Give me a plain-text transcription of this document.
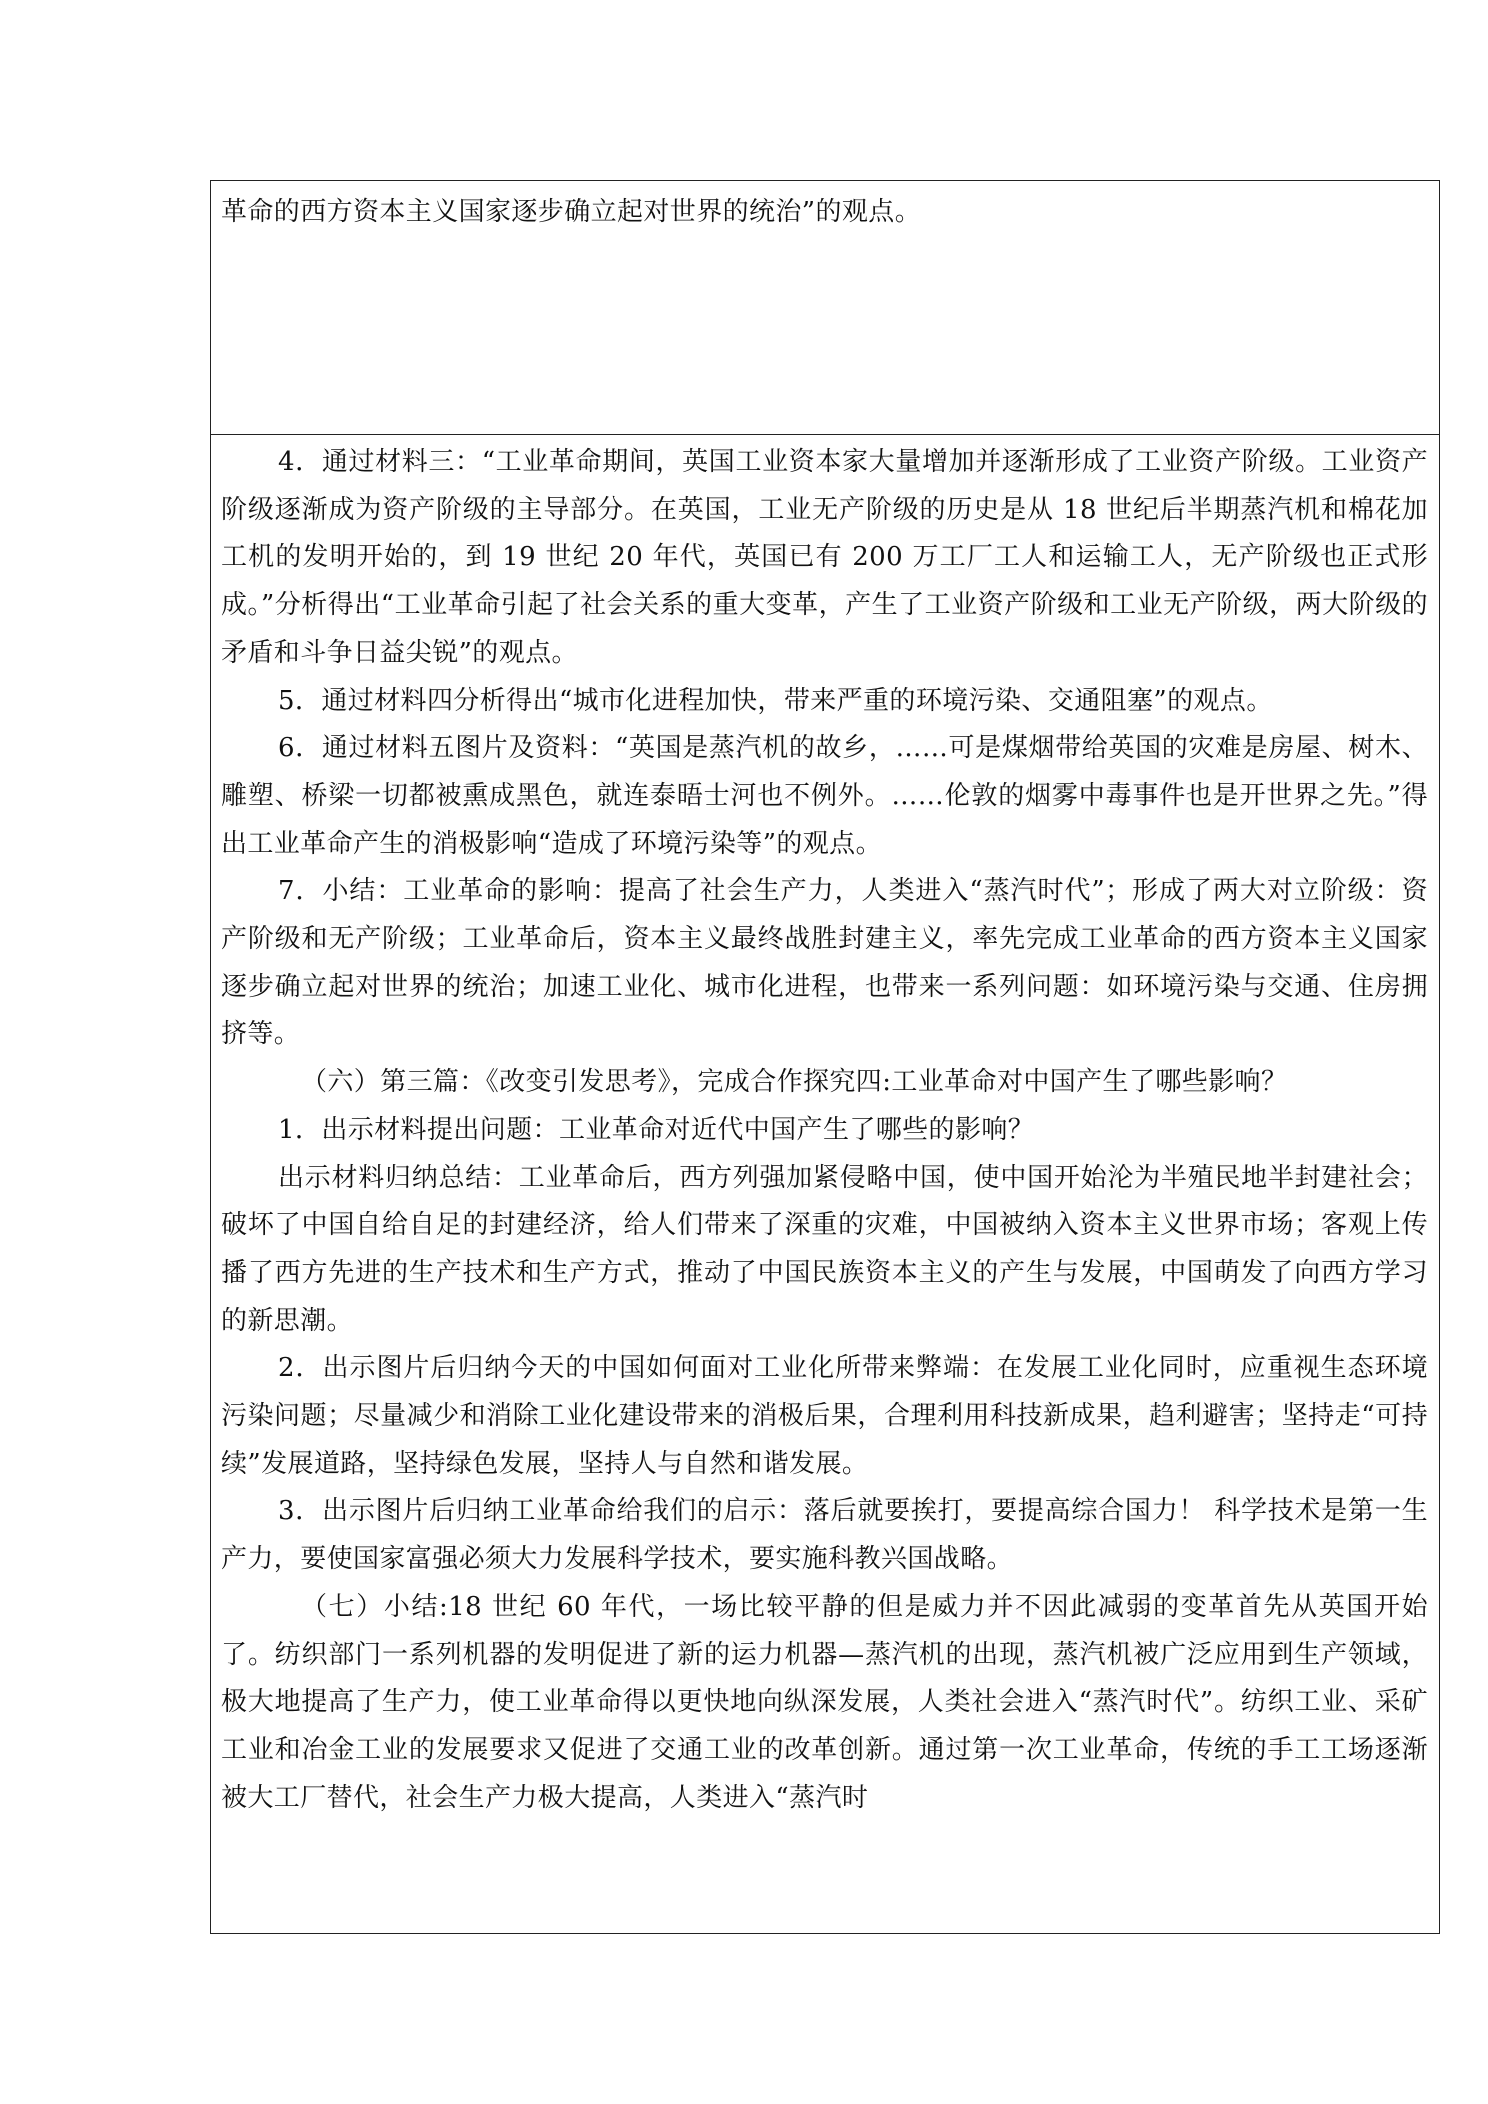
革命的西方资本主义国家逐步确立起对世界的统治”的观点。

4．通过材料三：“工业革命期间，英国工业资本家大量增加并逐渐形成了工业资产阶级。工业资产阶级逐渐成为资产阶级的主导部分。在英国，工业无产阶级的历史是从 18 世纪后半期蒸汽机和棉花加工机的发明开始的，到 19 世纪 20 年代，英国已有 200 万工厂工人和运输工人，无产阶级也正式形成。”分析得出“工业革命引起了社会关系的重大变革，产生了工业资产阶级和工业无产阶级，两大阶级的矛盾和斗争日益尖锐”的观点。

5．通过材料四分析得出“城市化进程加快，带来严重的环境污染、交通阻塞”的观点。

6．通过材料五图片及资料：“英国是蒸汽机的故乡，……可是煤烟带给英国的灾难是房屋、树木、雕塑、桥梁一切都被熏成黑色，就连泰晤士河也不例外。……伦敦的烟雾中毒事件也是开世界之先。”得出工业革命产生的消极影响“造成了环境污染等”的观点。

7．小结：工业革命的影响：提高了社会生产力，人类进入“蒸汽时代”；形成了两大对立阶级：资产阶级和无产阶级；工业革命后，资本主义最终战胜封建主义，率先完成工业革命的西方资本主义国家逐步确立起对世界的统治；加速工业化、城市化进程，也带来一系列问题：如环境污染与交通、住房拥挤等。

（六）第三篇：《改变引发思考》，完成合作探究四:工业革命对中国产生了哪些影响？

1．出示材料提出问题：工业革命对近代中国产生了哪些的影响？

出示材料归纳总结：工业革命后，西方列强加紧侵略中国，使中国开始沦为半殖民地半封建社会；破坏了中国自给自足的封建经济，给人们带来了深重的灾难，中国被纳入资本主义世界市场；客观上传播了西方先进的生产技术和生产方式，推动了中国民族资本主义的产生与发展，中国萌发了向西方学习的新思潮。

2．出示图片后归纳今天的中国如何面对工业化所带来弊端：在发展工业化同时，应重视生态环境污染问题；尽量减少和消除工业化建设带来的消极后果，合理利用科技新成果，趋利避害；坚持走“可持续”发展道路，坚持绿色发展，坚持人与自然和谐发展。

3．出示图片后归纳工业革命给我们的启示：落后就要挨打，要提高综合国力！ 科学技术是第一生产力，要使国家富强必须大力发展科学技术，要实施科教兴国战略。

（七）小结:18 世纪 60 年代，一场比较平静的但是威力并不因此减弱的变革首先从英国开始了。纺织部门一系列机器的发明促进了新的运力机器—蒸汽机的出现，蒸汽机被广泛应用到生产领域，极大地提高了生产力，使工业革命得以更快地向纵深发展，人类社会进入“蒸汽时代”。纺织工业、采矿工业和冶金工业的发展要求又促进了交通工业的改革创新。通过第一次工业革命，传统的手工工场逐渐被大工厂替代，社会生产力极大提高，人类进入“蒸汽时
